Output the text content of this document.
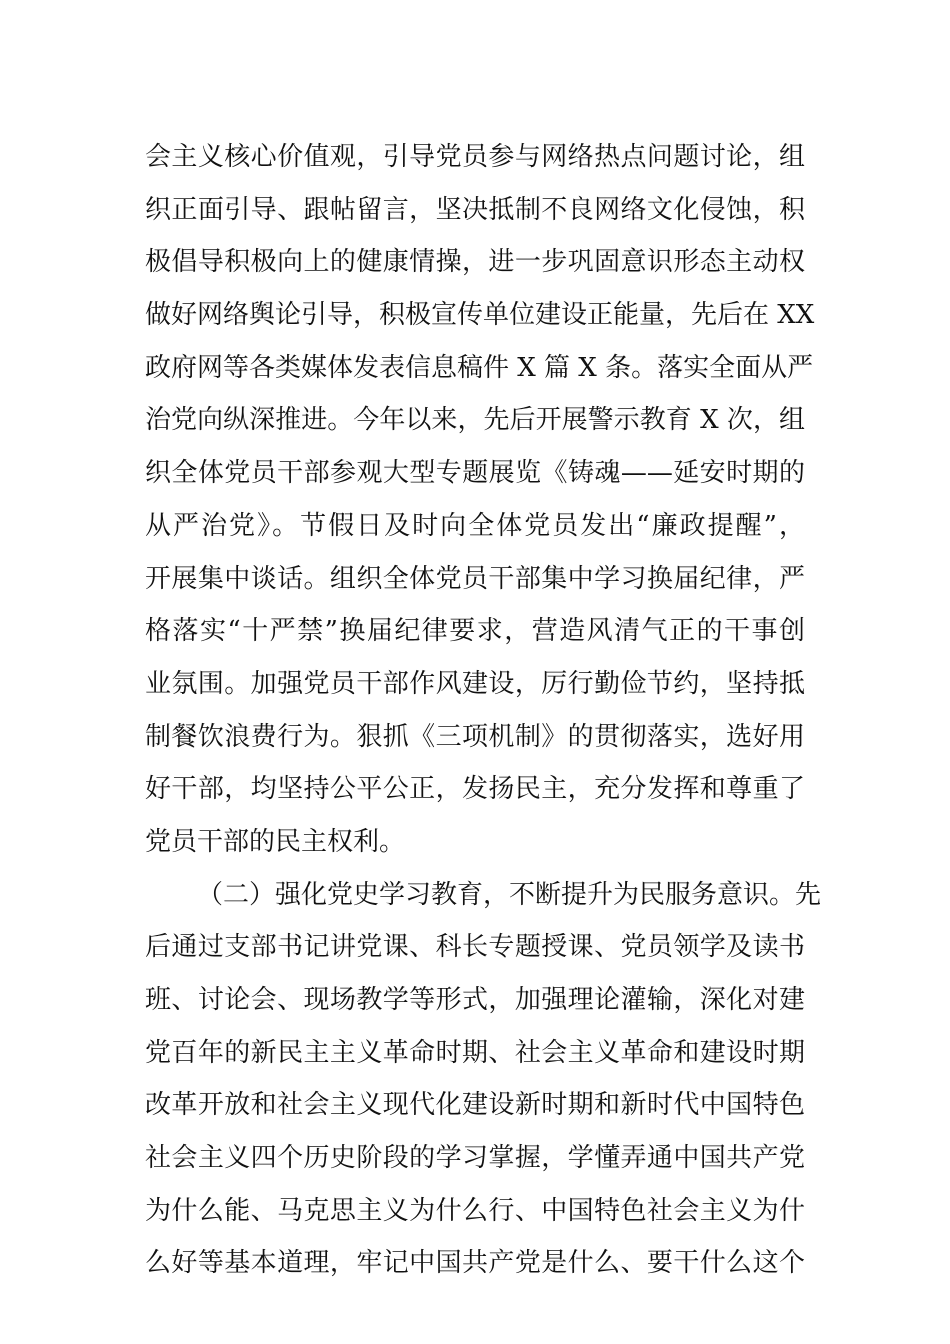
会主义核心价值观，引导党员参与网络热点问题讨论，组
织正面引导、跟帖留言，坚决抵制不良网络文化侵蚀，积
极倡导积极向上的健康情操，进一步巩固意识形态主动权
做好网络舆论引导，积极宣传单位建设正能量，先后在 XX
政府网等各类媒体发表信息稿件 X 篇 X 条。落实全面从严
治党向纵深推进。今年以来，先后开展警示教育 X 次，组
织全体党员干部参观大型专题展览《铸魂——延安时期的
从严治党》。节假日及时向全体党员发出“廉政提醒”，
开展集中谈话。组织全体党员干部集中学习换届纪律，严
格落实“十严禁”换届纪律要求，营造风清气正的干事创
业氛围。加强党员干部作风建设，厉行勤俭节约，坚持抵
制餐饮浪费行为。狠抓《三项机制》的贯彻落实，选好用
好干部，均坚持公平公正，发扬民主，充分发挥和尊重了
党员干部的民主权利。
（二）强化党史学习教育，不断提升为民服务意识。先
后通过支部书记讲党课、科长专题授课、党员领学及读书
班、讨论会、现场教学等形式，加强理论灌输，深化对建
党百年的新民主主义革命时期、社会主义革命和建设时期
改革开放和社会主义现代化建设新时期和新时代中国特色
社会主义四个历史阶段的学习掌握，学懂弄通中国共产党
为什么能、马克思主义为什么行、中国特色社会主义为什
么好等基本道理，牢记中国共产党是什么、要干什么这个
